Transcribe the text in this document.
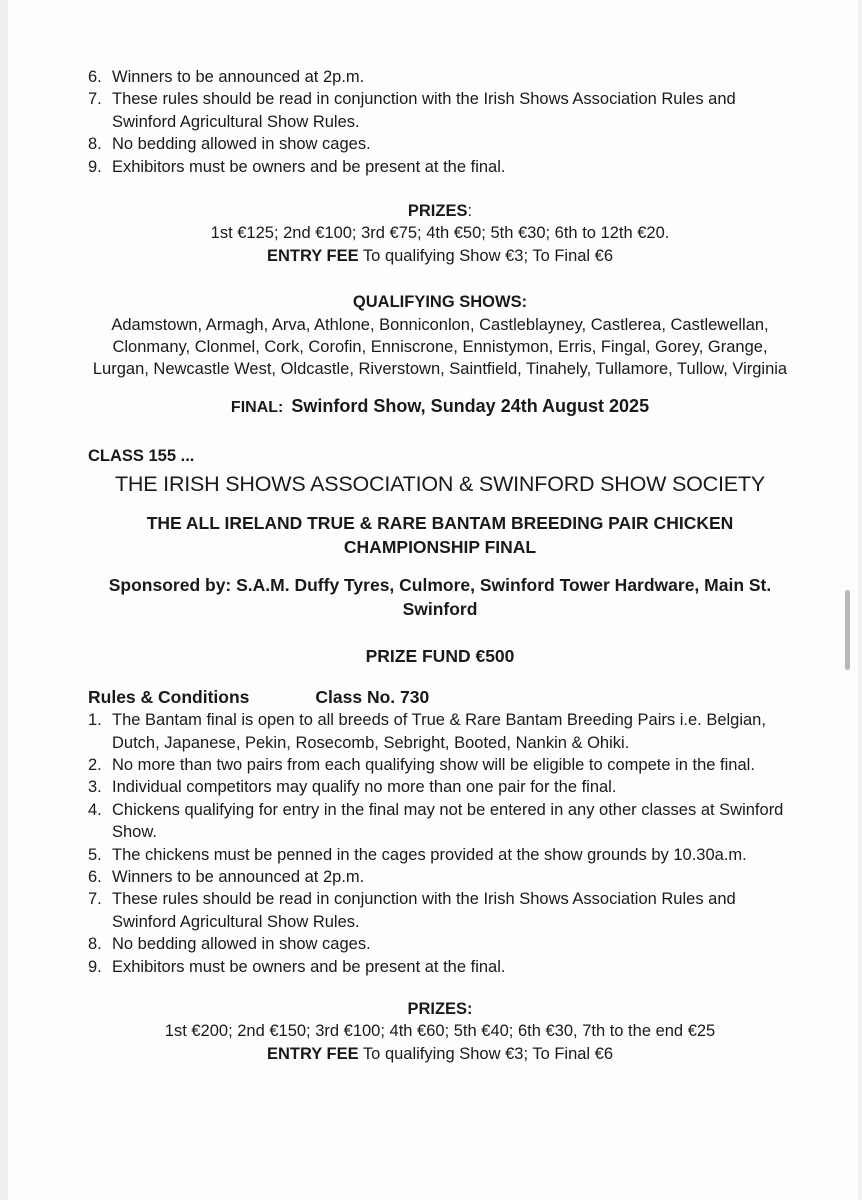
6. Winners to be announced at 2p.m.
7. These rules should be read in conjunction with the Irish Shows Association Rules and Swinford Agricultural Show Rules.
8. No bedding allowed in show cages.
9. Exhibitors must be owners and be present at the final.
PRIZES:
1st €125; 2nd €100; 3rd €75; 4th €50; 5th €30; 6th to 12th €20.
ENTRY FEE To qualifying Show €3; To Final €6
QUALIFYING SHOWS:
Adamstown, Armagh, Arva, Athlone, Bonniconlon, Castleblayney, Castlerea, Castlewellan, Clonmany, Clonmel, Cork, Corofin, Enniscrone, Ennistymon, Erris, Fingal, Gorey, Grange, Lurgan, Newcastle West, Oldcastle, Riverstown, Saintfield, Tinahely, Tullamore, Tullow, Virginia
FINAL: Swinford Show, Sunday 24th August 2025
CLASS 155 ...
THE IRISH SHOWS ASSOCIATION & SWINFORD SHOW SOCIETY
THE ALL IRELAND TRUE & RARE BANTAM BREEDING PAIR CHICKEN CHAMPIONSHIP FINAL
Sponsored by: S.A.M. Duffy Tyres, Culmore, Swinford Tower Hardware, Main St. Swinford
PRIZE FUND €500
Rules & Conditions	Class No. 730
1. The Bantam final is open to all breeds of True & Rare Bantam Breeding Pairs i.e. Belgian, Dutch, Japanese, Pekin, Rosecomb, Sebright, Booted, Nankin & Ohiki.
2. No more than two pairs from each qualifying show will be eligible to compete in the final.
3. Individual competitors may qualify no more than one pair for the final.
4. Chickens qualifying for entry in the final may not be entered in any other classes at Swinford Show.
5. The chickens must be penned in the cages provided at the show grounds by 10.30a.m.
6. Winners to be announced at 2p.m.
7. These rules should be read in conjunction with the Irish Shows Association Rules and Swinford Agricultural Show Rules.
8. No bedding allowed in show cages.
9. Exhibitors must be owners and be present at the final.
PRIZES:
1st €200; 2nd €150; 3rd €100; 4th €60; 5th €40; 6th €30, 7th to the end €25
ENTRY FEE To qualifying Show €3; To Final €6
